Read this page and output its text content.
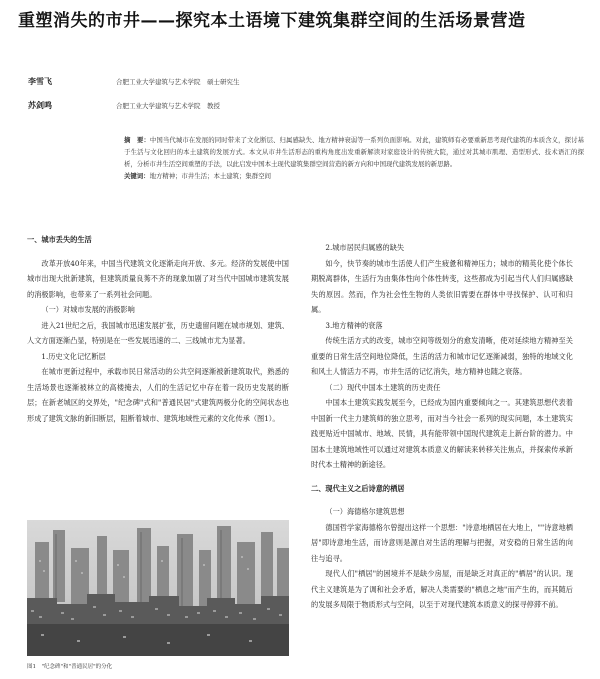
重塑消失的市井——探究本土语境下建筑集群空间的生活场景营造
李雪飞	合肥工业大学建筑与艺术学院　硕士研究生
苏剑鸣	合肥工业大学建筑与艺术学院　教授
摘　要：中国当代城市在发展的同时带来了文化断层、归属感缺失、地方精神衰弱等一系列负面影响。对此，建筑师有必要重新思考现代建筑的本质含义，探讨基于生活与文化回归的本土建筑的发展方式。本文从市井生活形态的重构角度出发重新解读对家庭设计的传统大院，通过对其城市肌理、造型形式、技术语汇的探析，分析市井生活空间重塑的手法，以此启发中国本土现代建筑集群空间营造的新方向和中国现代建筑发展的新思路。
关键词：地方精神；市井生活；本土建筑；集群空间
一、城市丢失的生活

改革开放40年来，中国当代建筑文化逐渐走向开放、多元。经济的发展使中国城市出现大批新建筑，但建筑质量良莠不齐的现象加剧了对当代中国城市建筑发展的消极影响，也带来了一系列社会问题。

（一）对城市发展的消极影响

进入21世纪之后，我国城市迅速发展扩张，历史遗留问题在城市规划、建筑、人文方面逐渐凸显，特别是在一些发展迅速的二、三线城市尤为显著。

1.历史文化记忆断层

在城市更新过程中，承载市民日常活动的公共空间逐渐被新建筑取代，熟悉的生活场景也逐渐被林立的高楼掩去，人们的生活记忆中存在着一段历史发展的断层；在新老城区的交界处，"纪念碑"式和"普通民居"式建筑两极分化的空间状态也形成了建筑文脉的新旧断层，阻断着城市、建筑地域性元素的文化传承（图1）。

图1　"纪念碑"和"普通民居"的分化

2.城市居民归属感的缺失

如今，快节奏的城市生活使人们产生疲惫和精神压力；城市的精英化使个体长期脱离群体，生活行为由集体性向个体性转变，这些都成为引起当代人们归属感缺失的原因。然而，作为社会性生物的人类依旧需要在群体中寻找保护、认可和归属。

3.地方精神的衰落

传统生活方式的改变，城市空间等级划分的愈发清晰，使对延续地方精神至关重要的日常生活空间地位降低，生活的活力和城市记忆逐渐减弱，独特的地域文化和风土人情活力不再，市井生活的记忆消失，地方精神也随之衰落。

（二）现代中国本土建筑的历史责任

中国本土建筑实践发展至今，已经成为国内重要倾向之一。其建筑思想代表着中国新一代主力建筑师的独立思考，而对当今社会一系列的现实问题，本土建筑实践更贴近中国城市、地域、民情，具有能带领中国现代建筑走上新台阶的潜力。中国本土建筑地域性可以通过对建筑本质意义的解读来转移关注焦点，并探索传承新时代本土精神的新途径。

二、现代主义之后诗意的栖居

（一）海德格尔建筑思想

德国哲学家海德格尔曾提出这样一个思想："诗意地栖居在大地上，""诗意地栖居"即诗意地生活，而诗意则是源自对生活的理解与把握，对安稳的日常生活的向往与追寻。

现代人们"栖居"的困境并不是缺少房屋，而是缺乏对真正的"栖居"的认识。现代主义建筑是为了调和社会矛盾，解决人类需要的"栖息之地"而产生的，而其随后的发展多局限于物质形式与空间，以至于对现代建筑本质意义的探寻停滞不前。
